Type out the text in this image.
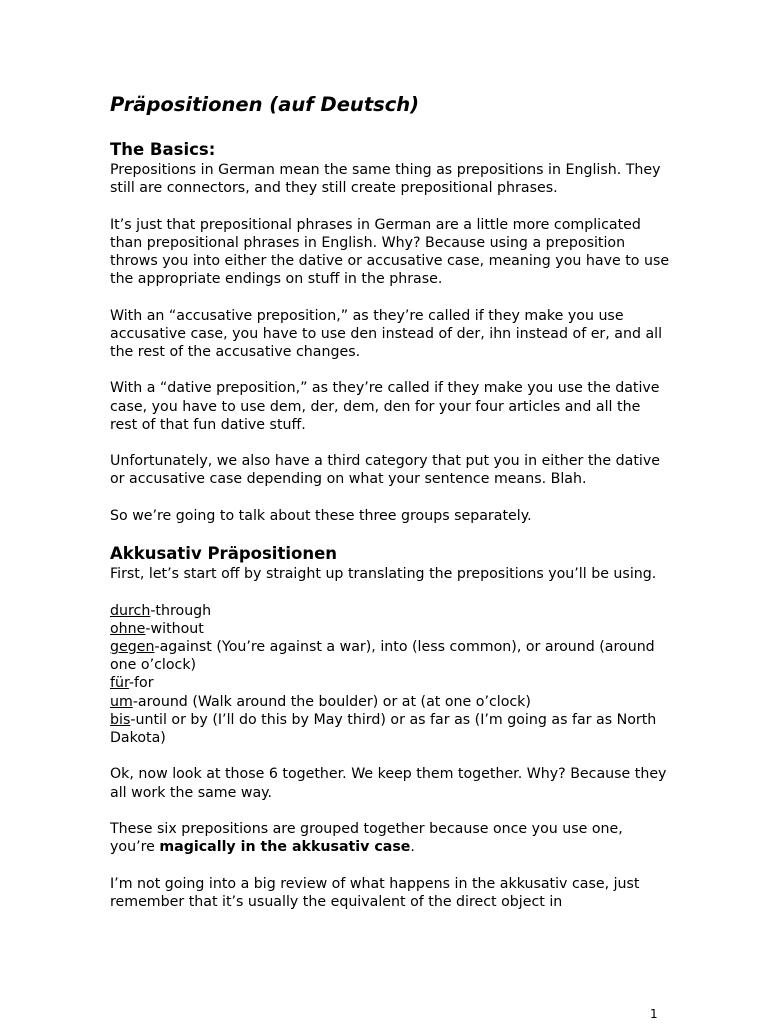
Präpositionen (auf Deutsch)
The Basics:

Prepositions in German mean the same thing as prepositions in English. They still are connectors, and they still create prepositional phrases.

It’s just that prepositional phrases in German are a little more complicated than prepositional phrases in English. Why? Because using a preposition throws you into either the dative or accusative case, meaning you have to use the appropriate endings on stuff in the phrase.

With an “accusative preposition,” as they’re called if they make you use accusative case, you have to use den instead of der, ihn instead of er, and all the rest of the accusative changes.

With a “dative preposition,” as they’re called if they make you use the dative case, you have to use dem, der, dem, den for your four articles and all the rest of that fun dative stuff.

Unfortunately, we also have a third category that put you in either the dative or accusative case depending on what your sentence means. Blah.

So we’re going to talk about these three groups separately.

Akkusativ Präpositionen

First, let’s start off by straight up translating the prepositions you’ll be using.

durch-through
ohne-without
gegen-against (You’re against a war), into (less common), or around (around one o’clock)
für-for
um-around (Walk around the boulder) or at (at one o’clock)
bis-until or by (I’ll do this by May third) or as far as (I’m going as far as North Dakota)

Ok, now look at those 6 together. We keep them together. Why? Because they all work the same way.

These six prepositions are grouped together because once you use one, you’re magically in the akkusativ case.

I’m not going into a big review of what happens in the akkusativ case, just remember that it’s usually the equivalent of the direct object in

1
